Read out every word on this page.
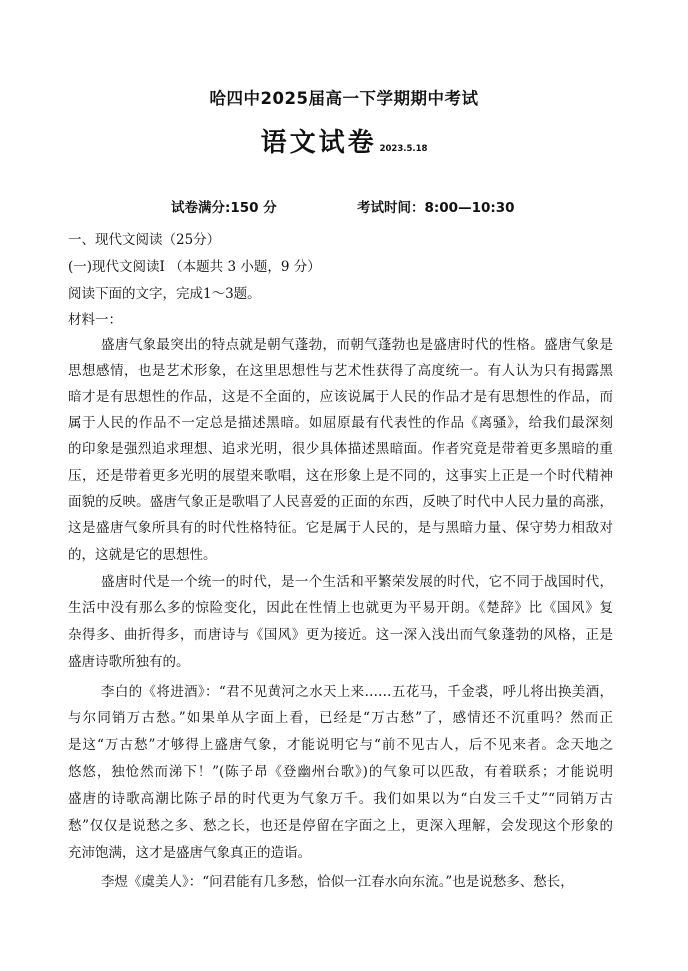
哈四中2025届高一下学期期中考试
语文试卷 2023.5.18
试卷满分:150 分	考试时间：8:00—10:30
一、现代文阅读（25分）
(一)现代文阅读Ⅰ （本题共 3 小题，9 分）
阅读下面的文字，完成1～3题。
材料一：
盛唐气象最突出的特点就是朝气蓬勃，而朝气蓬勃也是盛唐时代的性格。盛唐气象是
思想感情，也是艺术形象，在这里思想性与艺术性获得了高度统一。有人认为只有揭露黑
暗才是有思想性的作品，这是不全面的，应该说属于人民的作品才是有思想性的作品，而
属于人民的作品不一定总是描述黑暗。如屈原最有代表性的作品《离骚》，给我们最深刻
的印象是强烈追求理想、追求光明，很少具体描述黑暗面。作者究竟是带着更多黑暗的重
压，还是带着更多光明的展望来歌唱，这在形象上是不同的，这事实上正是一个时代精神
面貌的反映。盛唐气象正是歌唱了人民喜爱的正面的东西，反映了时代中人民力量的高涨，
这是盛唐气象所具有的时代性格特征。它是属于人民的，是与黑暗力量、保守势力相敌对
的，这就是它的思想性。
盛唐时代是一个统一的时代，是一个生活和平繁荣发展的时代，它不同于战国时代，
生活中没有那么多的惊险变化，因此在性情上也就更为平易开朗。《楚辞》比《国风》复
杂得多、曲折得多，而唐诗与《国风》更为接近。这一深入浅出而气象蓬勃的风格，正是
盛唐诗歌所独有的。
李白的《将进酒》：“君不见黄河之水天上来……五花马，千金裘，呼儿将出换美酒，
与尔同销万古愁。”如果单从字面上看，已经是“万古愁”了，感情还不沉重吗？然而正
是这“万古愁”才够得上盛唐气象，才能说明它与“前不见古人，后不见来者。念天地之
悠悠，独怆然而涕下！”(陈子昂《登幽州台歌》)的气象可以匹敌，有着联系；才能说明
盛唐的诗歌高潮比陈子昂的时代更为气象万千。我们如果以为“白发三千丈”“同销万古
愁”仅仅是说愁之多、愁之长，也还是停留在字面之上，更深入理解，会发现这个形象的
充沛饱满，这才是盛唐气象真正的造诣。
李煜《虞美人》：“问君能有几多愁，恰似一江春水向东流。”也是说愁多、愁长，
